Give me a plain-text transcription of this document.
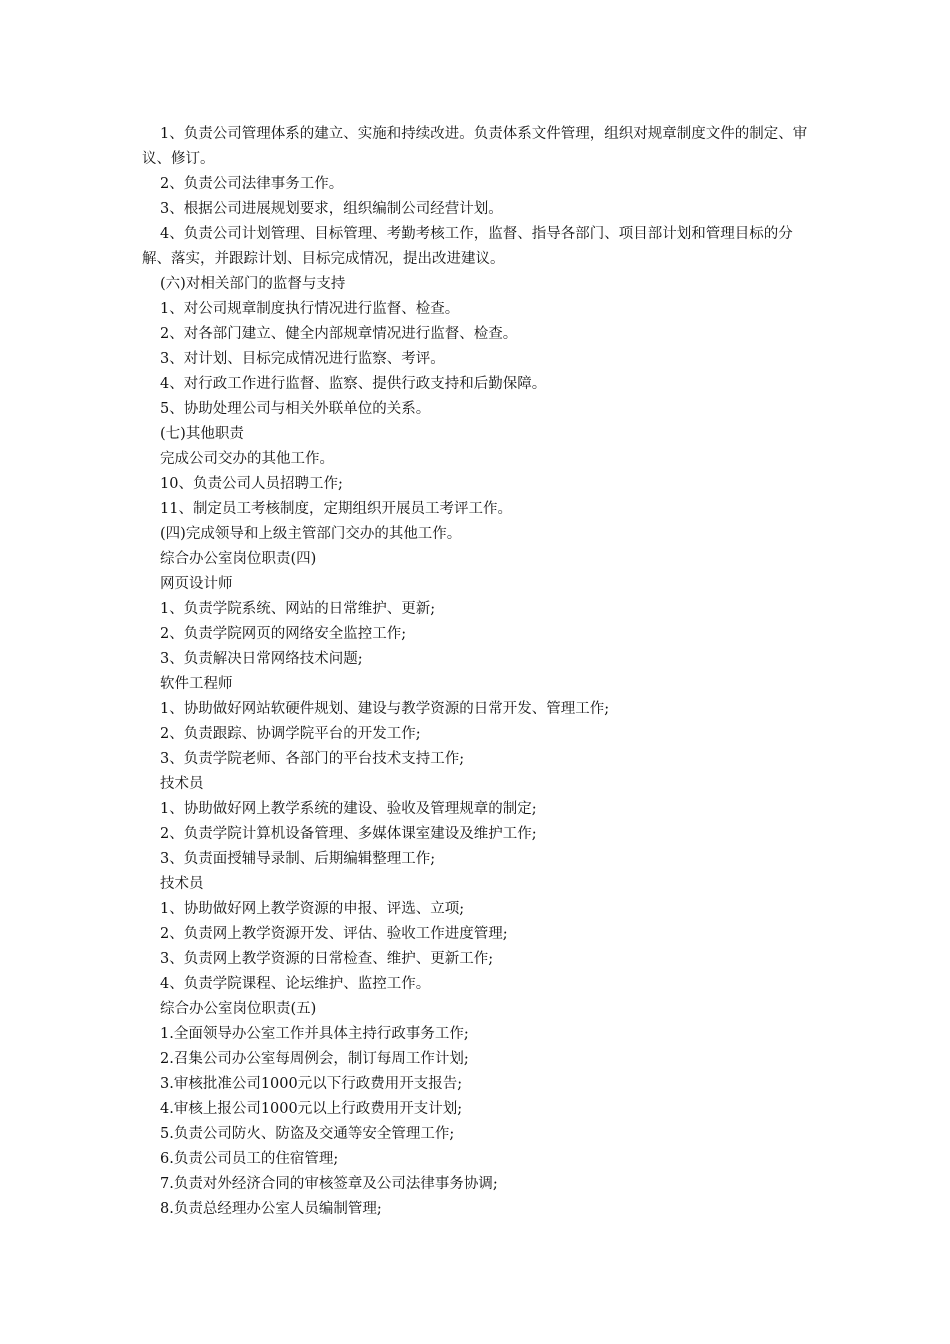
1、负责公司管理体系的建立、实施和持续改进。负责体系文件管理，组织对规章制度文件的制定、审议、修订。
2、负责公司法律事务工作。
3、根据公司进展规划要求，组织编制公司经营计划。
4、负责公司计划管理、目标管理、考勤考核工作，监督、指导各部门、项目部计划和管理目标的分解、落实，并跟踪计划、目标完成情况，提出改进建议。
(六)对相关部门的监督与支持
1、对公司规章制度执行情况进行监督、检查。
2、对各部门建立、健全内部规章情况进行监督、检查。
3、对计划、目标完成情况进行监察、考评。
4、对行政工作进行监督、监察、提供行政支持和后勤保障。
5、协助处理公司与相关外联单位的关系。
(七)其他职责
完成公司交办的其他工作。
10、负责公司人员招聘工作;
11、制定员工考核制度，定期组织开展员工考评工作。
(四)完成领导和上级主管部门交办的其他工作。
综合办公室岗位职责(四)
网页设计师
1、负责学院系统、网站的日常维护、更新;
2、负责学院网页的网络安全监控工作;
3、负责解决日常网络技术问题;
软件工程师
1、协助做好网站软硬件规划、建设与教学资源的日常开发、管理工作;
2、负责跟踪、协调学院平台的开发工作;
3、负责学院老师、各部门的平台技术支持工作;
技术员
1、协助做好网上教学系统的建设、验收及管理规章的制定;
2、负责学院计算机设备管理、多媒体课室建设及维护工作;
3、负责面授辅导录制、后期编辑整理工作;
技术员
1、协助做好网上教学资源的申报、评选、立项;
2、负责网上教学资源开发、评估、验收工作进度管理;
3、负责网上教学资源的日常检查、维护、更新工作;
4、负责学院课程、论坛维护、监控工作。
综合办公室岗位职责(五)
1.全面领导办公室工作并具体主持行政事务工作;
2.召集公司办公室每周例会，制订每周工作计划;
3.审核批准公司1000元以下行政费用开支报告;
4.审核上报公司1000元以上行政费用开支计划;
5.负责公司防火、防盗及交通等安全管理工作;
6.负责公司员工的住宿管理;
7.负责对外经济合同的审核签章及公司法律事务协调;
8.负责总经理办公室人员编制管理;
